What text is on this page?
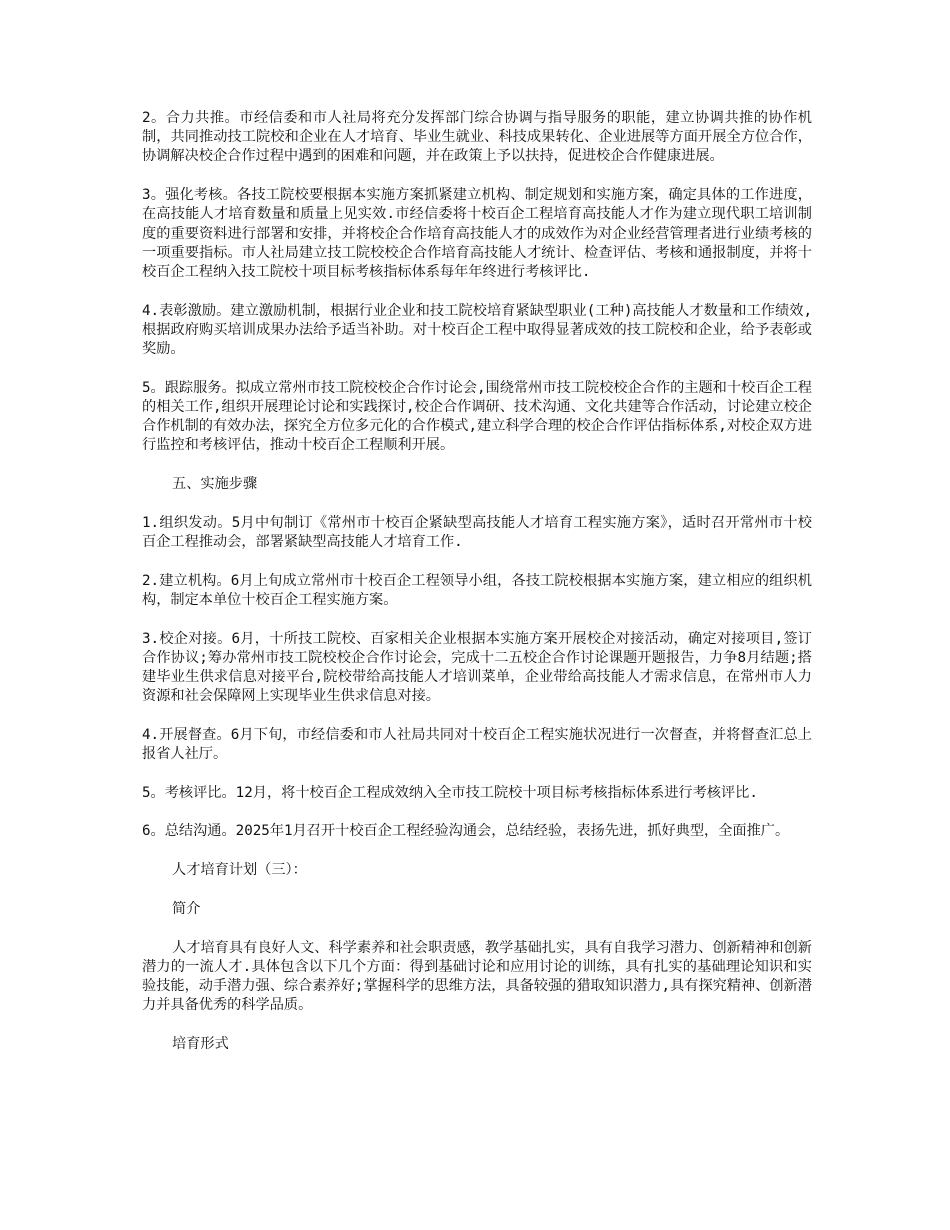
2。合力共推。市经信委和市人社局将充分发挥部门综合协调与指导服务的职能，建立协调共推的协作机制，共同推动技工院校和企业在人才培育、毕业生就业、科技成果转化、企业进展等方面开展全方位合作，协调解决校企合作过程中遇到的困难和问题，并在政策上予以扶持，促进校企合作健康进展。

3。强化考核。各技工院校要根据本实施方案抓紧建立机构、制定规划和实施方案，确定具体的工作进度，在高技能人才培育数量和质量上见实效.市经信委将十校百企工程培育高技能人才作为建立现代职工培训制度的重要资料进行部署和安排，并将校企合作培育高技能人才的成效作为对企业经营管理者进行业绩考核的一项重要指标。市人社局建立技工院校校企合作培育高技能人才统计、检查评估、考核和通报制度，并将十校百企工程纳入技工院校十项目标考核指标体系每年年终进行考核评比.

4.表彰激励。建立激励机制，根据行业企业和技工院校培育紧缺型职业(工种)高技能人才数量和工作绩效,根据政府购买培训成果办法给予适当补助。对十校百企工程中取得显著成效的技工院校和企业，给予表彰或奖励。

5。跟踪服务。拟成立常州市技工院校校企合作讨论会,围绕常州市技工院校校企合作的主题和十校百企工程的相关工作,组织开展理论讨论和实践探讨,校企合作调研、技术沟通、文化共建等合作活动，讨论建立校企合作机制的有效办法，探究全方位多元化的合作模式,建立科学合理的校企合作评估指标体系,对校企双方进行监控和考核评估，推动十校百企工程顺利开展。

五、实施步骤

1.组织发动。5月中旬制订《常州市十校百企紧缺型高技能人才培育工程实施方案》，适时召开常州市十校百企工程推动会，部署紧缺型高技能人才培育工作.

2.建立机构。6月上旬成立常州市十校百企工程领导小组，各技工院校根据本实施方案，建立相应的组织机构，制定本单位十校百企工程实施方案。

3.校企对接。6月，十所技工院校、百家相关企业根据本实施方案开展校企对接活动，确定对接项目,签订合作协议;筹办常州市技工院校校企合作讨论会，完成十二五校企合作讨论课题开题报告，力争8月结题;搭建毕业生供求信息对接平台,院校带给高技能人才培训菜单，企业带给高技能人才需求信息，在常州市人力资源和社会保障网上实现毕业生供求信息对接。

4.开展督查。6月下旬，市经信委和市人社局共同对十校百企工程实施状况进行一次督查，并将督查汇总上报省人社厅。

5。考核评比。12月，将十校百企工程成效纳入全市技工院校十项目标考核指标体系进行考核评比.

6。总结沟通。2025年1月召开十校百企工程经验沟通会，总结经验，表扬先进，抓好典型，全面推广。

人才培育计划（三）：

简介

人才培育具有良好人文、科学素养和社会职责感，教学基础扎实，具有自我学习潜力、创新精神和创新潜力的一流人才.具体包含以下几个方面：得到基础讨论和应用讨论的训练，具有扎实的基础理论知识和实验技能，动手潜力强、综合素养好;掌握科学的思维方法，具备较强的猎取知识潜力,具有探究精神、创新潜力并具备优秀的科学品质。

培育形式
